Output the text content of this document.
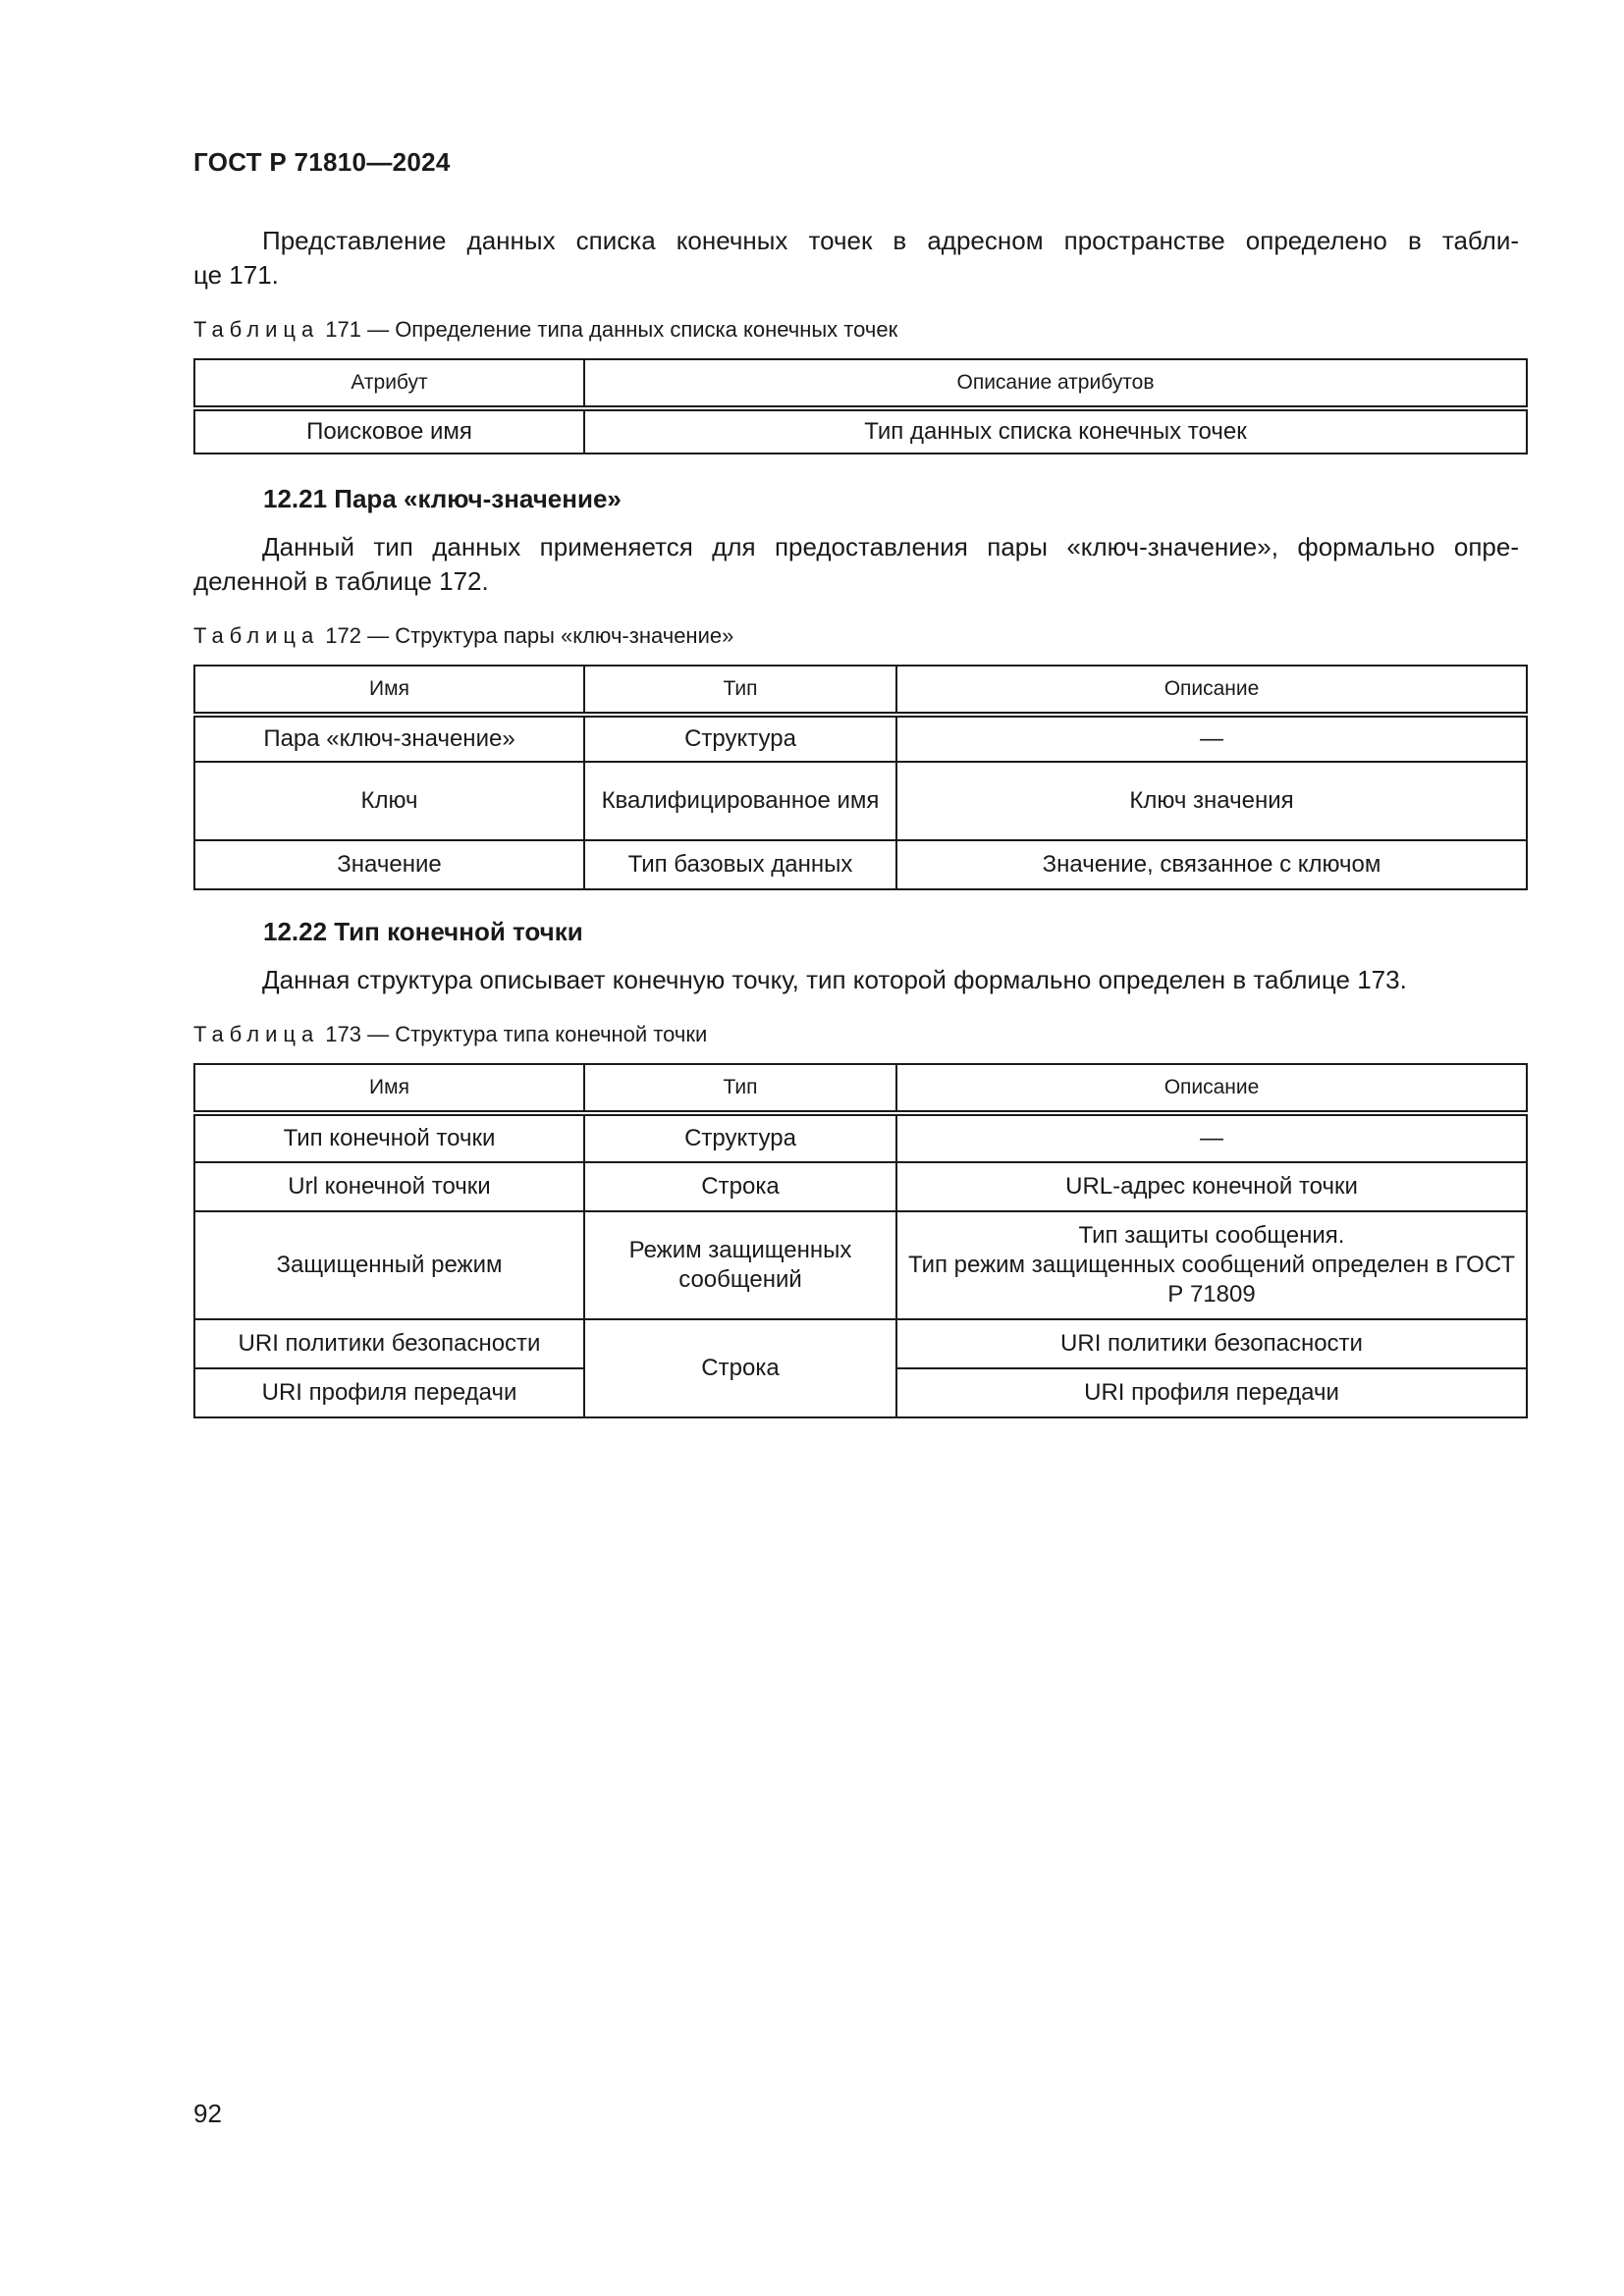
ГОСТ Р 71810—2024
Представление данных списка конечных точек в адресном пространстве определено в табли-
це 171.
Таблица 171 — Определение типа данных списка конечных точек
Атрибут	Описание атрибутов
Поисковое имя	Тип данных списка конечных точек
12.21 Пара «ключ-значение»
Данный тип данных применяется для предоставления пары «ключ-значение», формально опре-
деленной в таблице 172.
Таблица 172 — Структура пары «ключ-значение»
Имя	Тип	Описание
Пара «ключ-значение»	Структура	—
Ключ	Квалифицированное имя	Ключ значения
Значение	Тип базовых данных	Значение, связанное с ключом
12.22 Тип конечной точки
Данная структура описывает конечную точку, тип которой формально определен в таблице 173.
Таблица 173 — Структура типа конечной точки
Имя	Тип	Описание
Тип конечной точки	Структура	—
Url конечной точки	Строка	URL-адрес конечной точки
Защищенный режим	Режим защищенных сообщений	Тип защиты сообщения.
Тип режим защищенных сообщений определен в ГОСТ Р 71809
URI политики безопасности	Строка	URI политики безопасности
URI профиля передачи		URI профиля передачи
92
